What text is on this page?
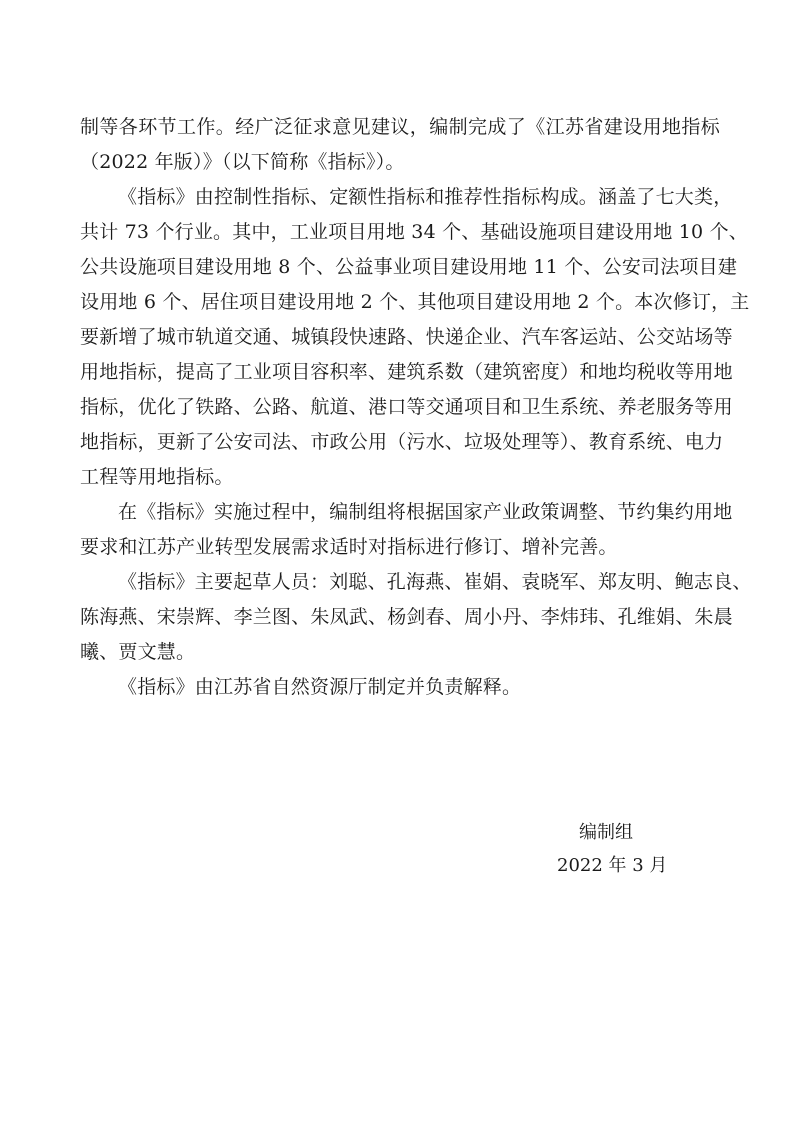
制等各环节工作。经广泛征求意见建议，编制完成了《江苏省建设用地指标
（2022 年版）》（以下简称《指标》）。
《指标》由控制性指标、定额性指标和推荐性指标构成。涵盖了七大类，
共计 73 个行业。其中，工业项目用地 34 个、基础设施项目建设用地 10 个、
公共设施项目建设用地 8 个、公益事业项目建设用地 11 个、公安司法项目建
设用地 6 个、居住项目建设用地 2 个、其他项目建设用地 2 个。本次修订，主
要新增了城市轨道交通、城镇段快速路、快递企业、汽车客运站、公交站场等
用地指标，提高了工业项目容积率、建筑系数（建筑密度）和地均税收等用地
指标，优化了铁路、公路、航道、港口等交通项目和卫生系统、养老服务等用
地指标，更新了公安司法、市政公用（污水、垃圾处理等）、教育系统、电力
工程等用地指标。
在《指标》实施过程中，编制组将根据国家产业政策调整、节约集约用地
要求和江苏产业转型发展需求适时对指标进行修订、增补完善。
《指标》主要起草人员：刘聪、孔海燕、崔娟、袁晓军、郑友明、鲍志良、
陈海燕、宋崇辉、李兰图、朱凤武、杨剑春、周小丹、李炜玮、孔维娟、朱晨
曦、贾文慧。
《指标》由江苏省自然资源厅制定并负责解释。
编制组
2022 年 3 月
